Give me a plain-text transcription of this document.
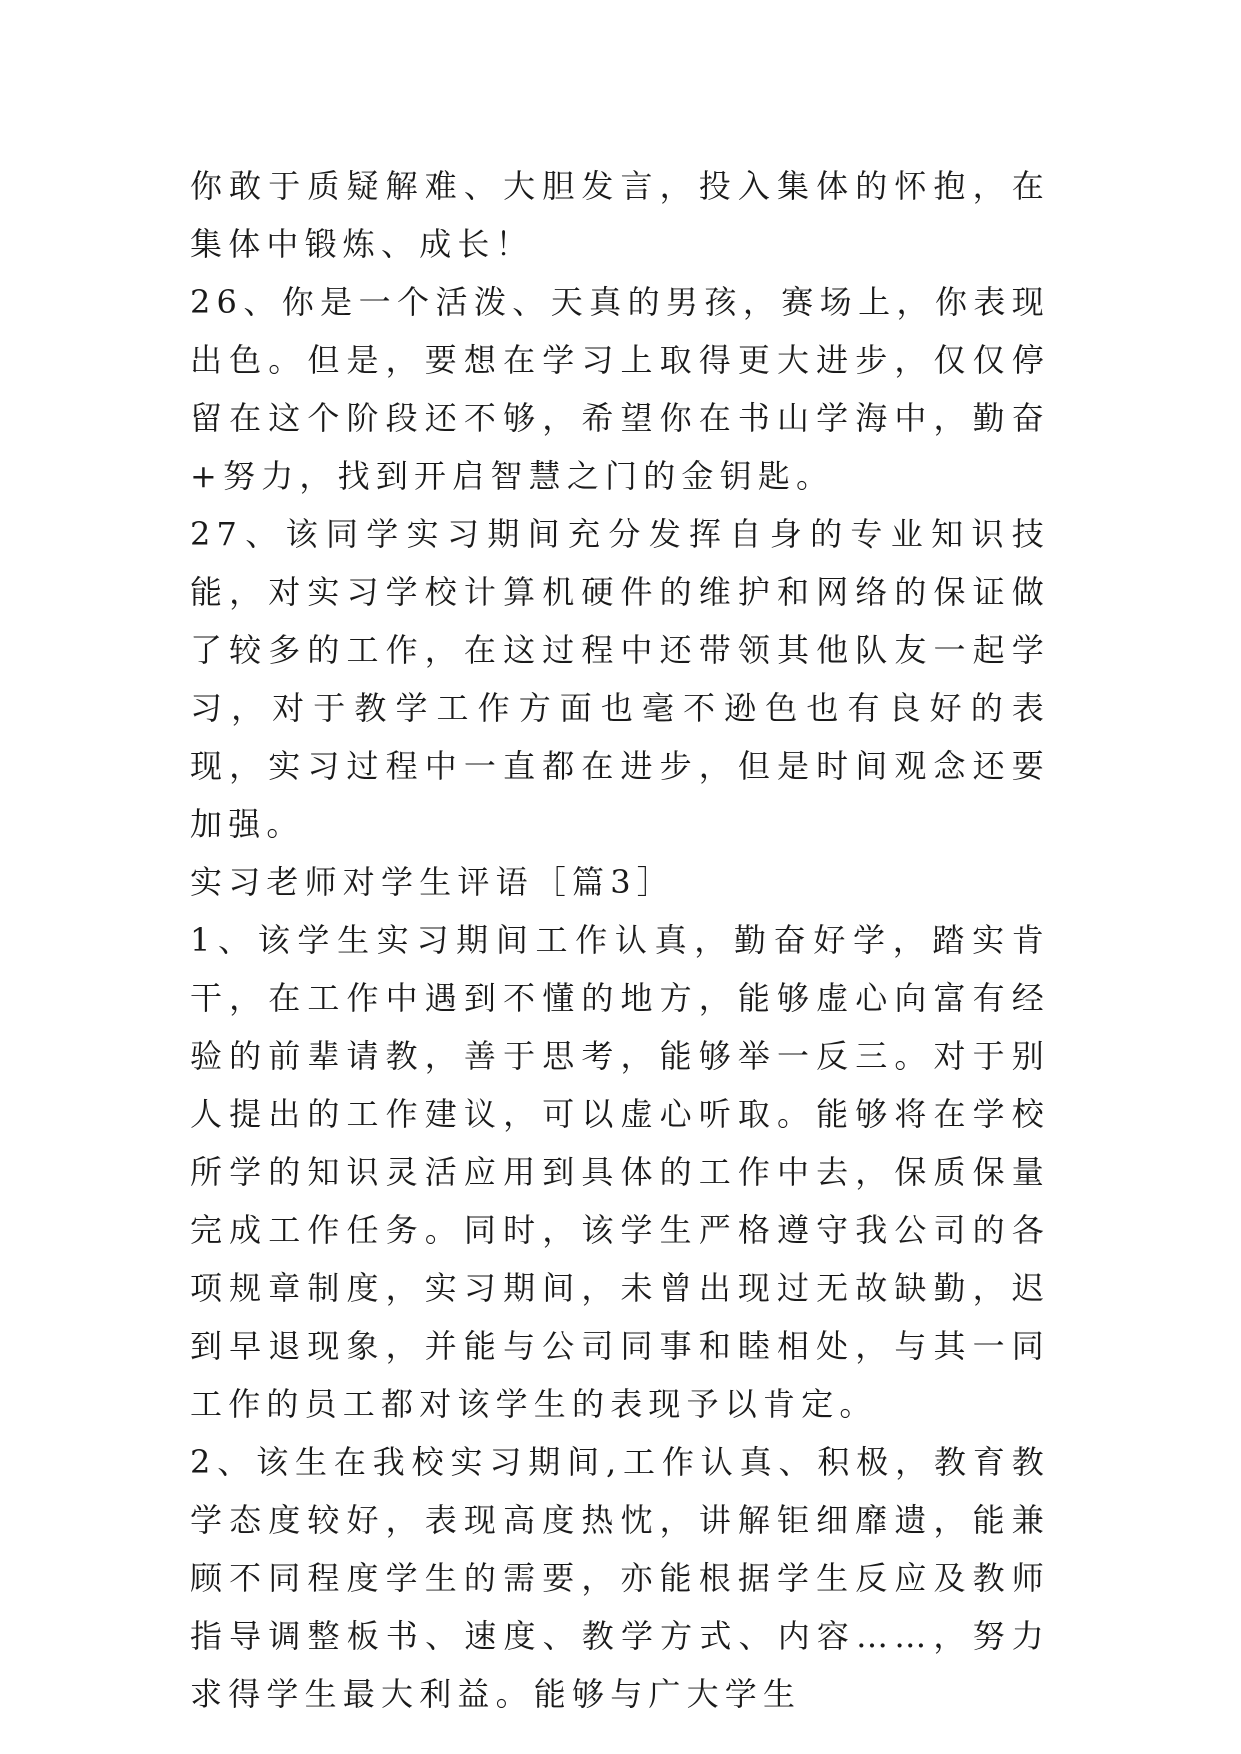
你敢于质疑解难、大胆发言，投入集体的怀抱，在集体中锻炼、成长！

26、你是一个活泼、天真的男孩，赛场上，你表现出色。但是，要想在学习上取得更大进步，仅仅停留在这个阶段还不够，希望你在书山学海中，勤奋+努力，找到开启智慧之门的金钥匙。

27、该同学实习期间充分发挥自身的专业知识技能，对实习学校计算机硬件的维护和网络的保证做了较多的工作，在这过程中还带领其他队友一起学习，对于教学工作方面也毫不逊色也有良好的表现，实习过程中一直都在进步，但是时间观念还要加强。

实习老师对学生评语［篇3］

1、该学生实习期间工作认真，勤奋好学，踏实肯干，在工作中遇到不懂的地方，能够虚心向富有经验的前辈请教，善于思考，能够举一反三。对于别人提出的工作建议，可以虚心听取。能够将在学校所学的知识灵活应用到具体的工作中去，保质保量完成工作任务。同时，该学生严格遵守我公司的各项规章制度，实习期间，未曾出现过无故缺勤，迟到早退现象，并能与公司同事和睦相处，与其一同工作的员工都对该学生的表现予以肯定。

2、该生在我校实习期间,工作认真、积极，教育教学态度较好，表现高度热忱，讲解钜细靡遗，能兼顾不同程度学生的需要，亦能根据学生反应及教师指导调整板书、速度、教学方式、内容……，努力求得学生最大利益。能够与广大学生
